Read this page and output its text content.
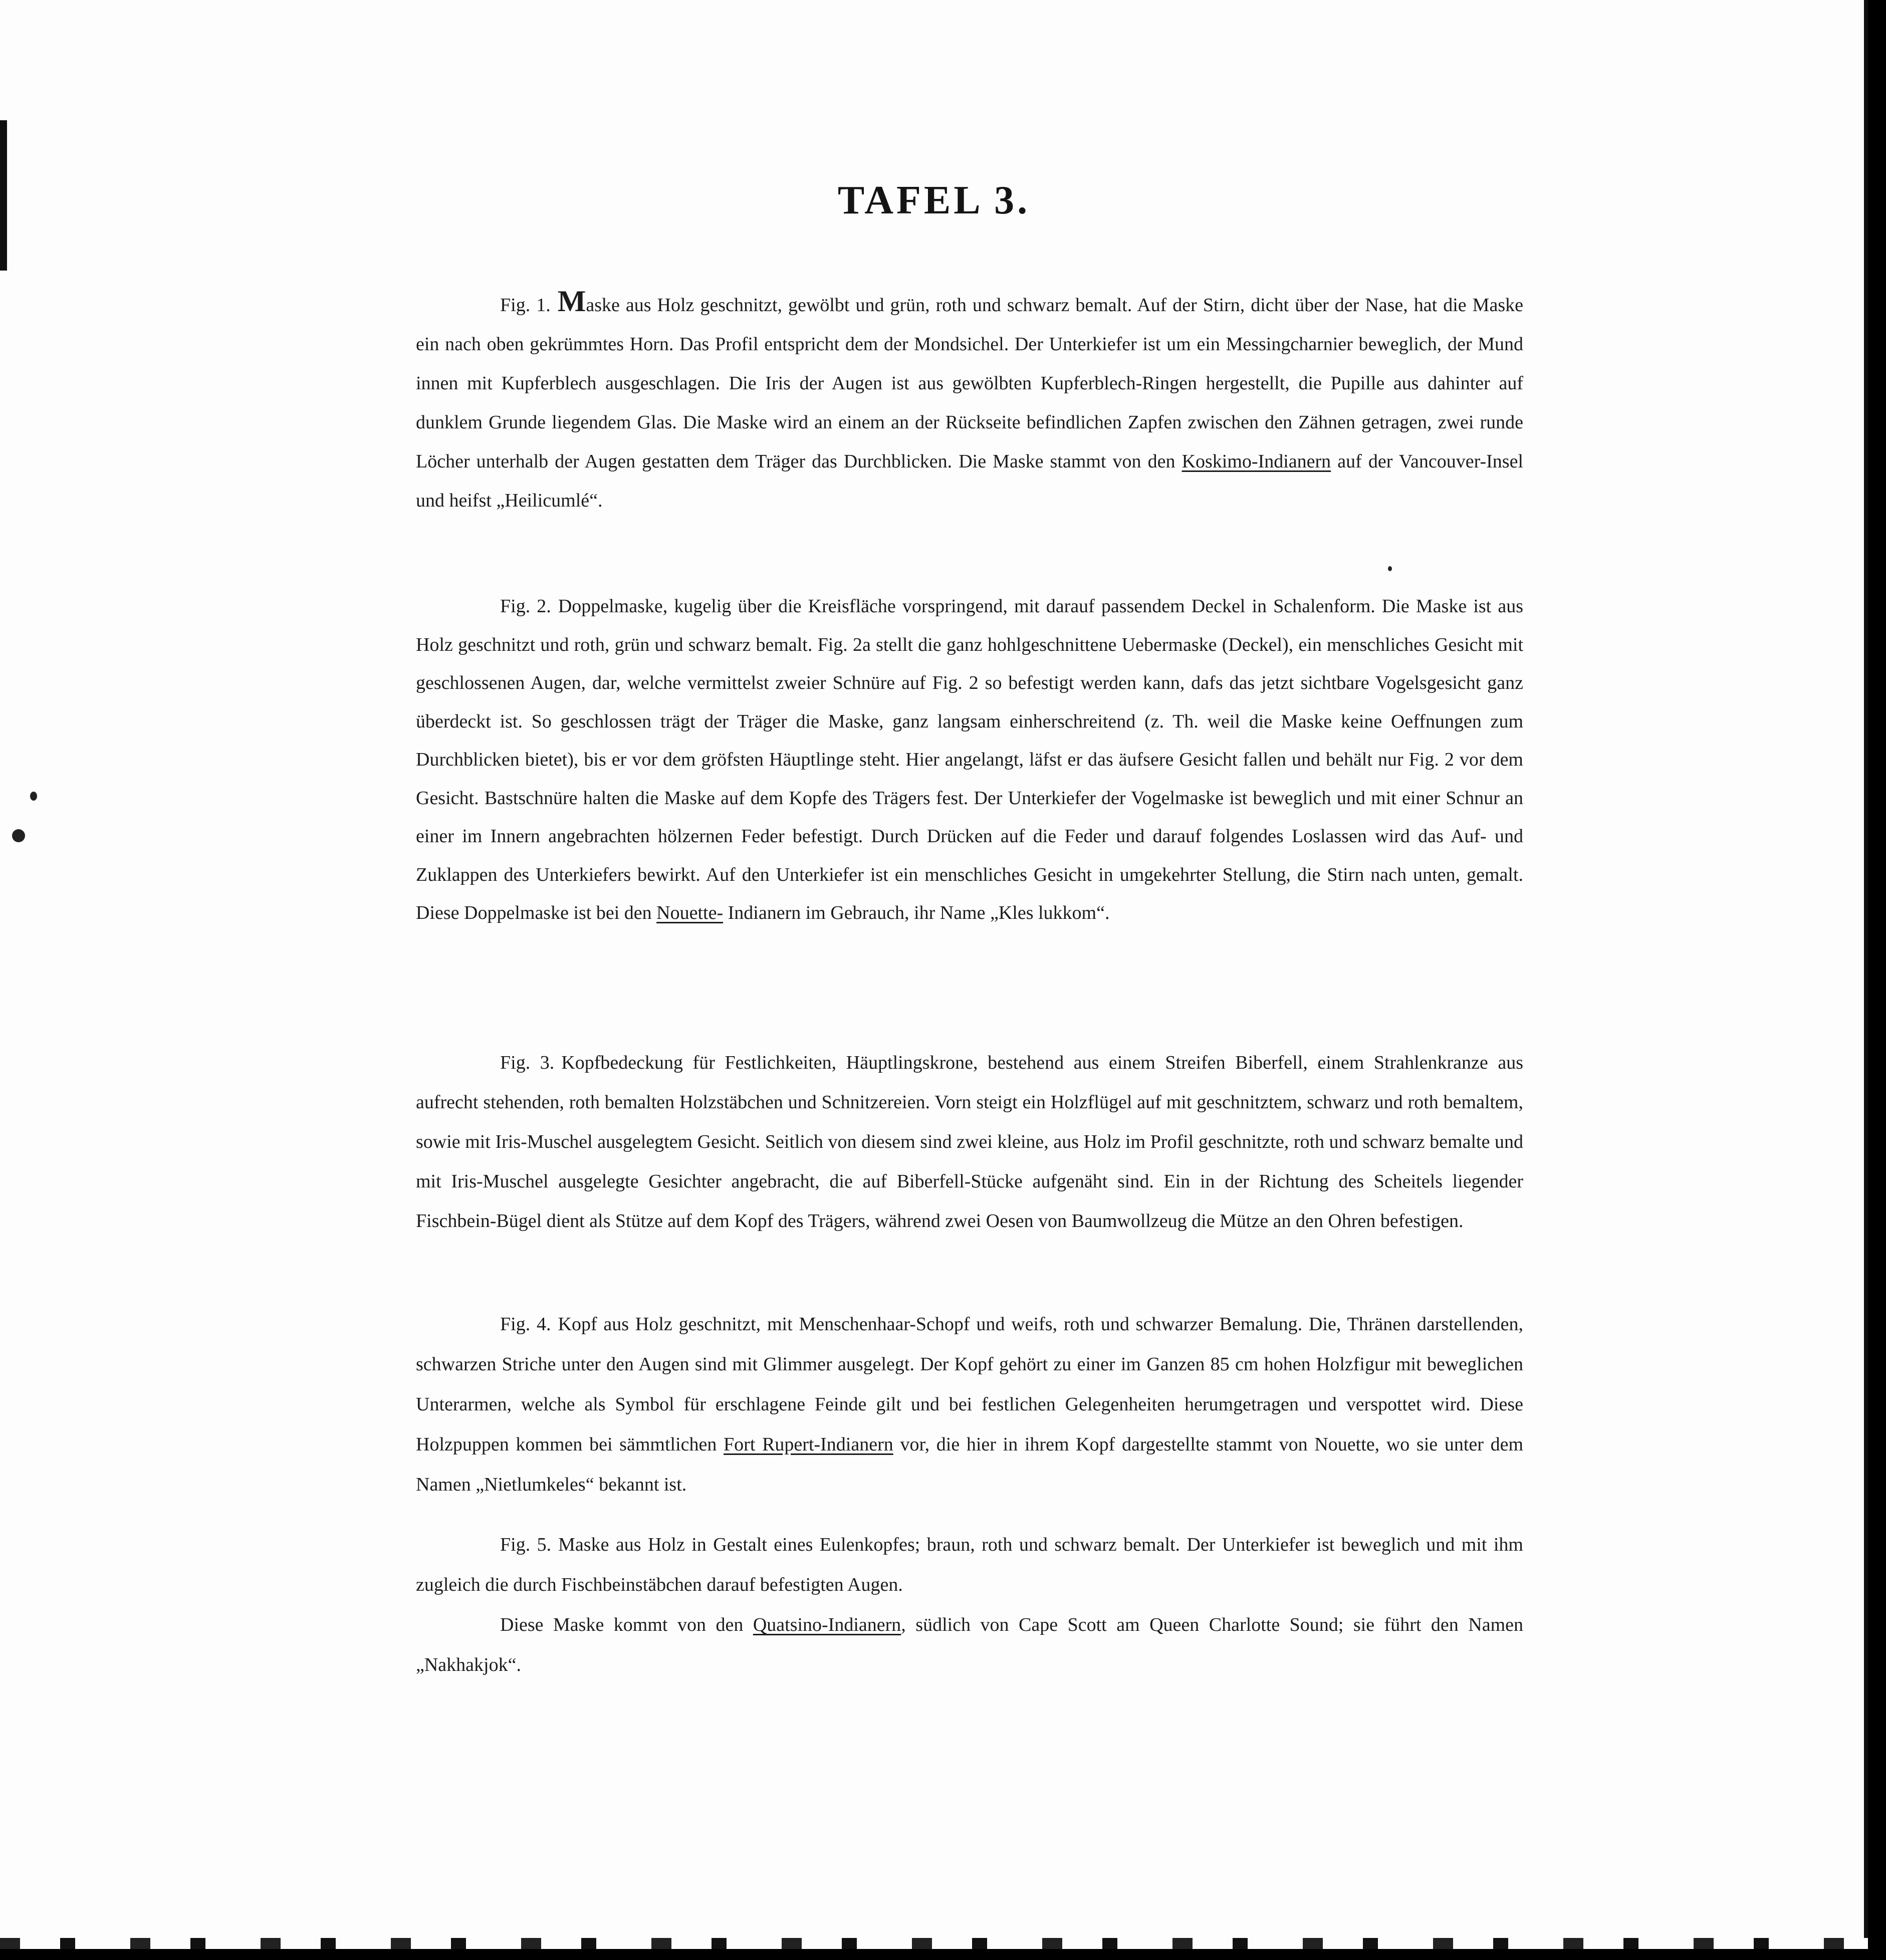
TAFEL 3.

Fig. 1. Maske aus Holz geschnitzt, gewölbt und grün, roth und schwarz bemalt. Auf der Stirn, dicht über der Nase, hat die Maske ein nach oben gekrümmtes Horn. Das Profil entspricht dem der Mondsichel. Der Unterkiefer ist um ein Messingcharnier beweglich, der Mund innen mit Kupferblech ausgeschlagen. Die Iris der Augen ist aus gewölbten Kupferblech-Ringen hergestellt, die Pupille aus dahinter auf dunklem Grunde liegendem Glas. Die Maske wird an einem an der Rückseite befindlichen Zapfen zwischen den Zähnen getragen, zwei runde Löcher unterhalb der Augen gestatten dem Träger das Durchblicken. Die Maske stammt von den Koskimo-Indianern auf der Vancouver-Insel und heifst „Heilicumlé“.

Fig. 2. Doppelmaske, kugelig über die Kreisfläche vorspringend, mit darauf passendem Deckel in Schalenform. Die Maske ist aus Holz geschnitzt und roth, grün und schwarz bemalt. Fig. 2a stellt die ganz hohlgeschnittene Uebermaske (Deckel), ein menschliches Gesicht mit geschlossenen Augen, dar, welche vermittelst zweier Schnüre auf Fig. 2 so befestigt werden kann, dafs das jetzt sichtbare Vogelsgesicht ganz überdeckt ist. So geschlossen trägt der Träger die Maske, ganz langsam einherschreitend (z. Th. weil die Maske keine Oeffnungen zum Durchblicken bietet), bis er vor dem gröfsten Häuptlinge steht. Hier angelangt, läfst er das äufsere Gesicht fallen und behält nur Fig. 2 vor dem Gesicht. Bastschnüre halten die Maske auf dem Kopfe des Trägers fest. Der Unterkiefer der Vogelmaske ist beweglich und mit einer Schnur an einer im Innern angebrachten hölzernen Feder befestigt. Durch Drücken auf die Feder und darauf folgendes Loslassen wird das Auf- und Zuklappen des Unterkiefers bewirkt. Auf den Unterkiefer ist ein menschliches Gesicht in umgekehrter Stellung, die Stirn nach unten, gemalt. Diese Doppelmaske ist bei den Nouette- Indianern im Gebrauch, ihr Name „Kles lukkom“.

Fig. 3. Kopfbedeckung für Festlichkeiten, Häuptlingskrone, bestehend aus einem Streifen Biberfell, einem Strahlenkranze aus aufrecht stehenden, roth bemalten Holzstäbchen und Schnitzereien. Vorn steigt ein Holzflügel auf mit geschnitztem, schwarz und roth bemaltem, sowie mit Iris-Muschel ausgelegtem Gesicht. Seitlich von diesem sind zwei kleine, aus Holz im Profil geschnitzte, roth und schwarz bemalte und mit Iris-Muschel ausgelegte Gesichter angebracht, die auf Biberfell-Stücke aufgenäht sind. Ein in der Richtung des Scheitels liegender Fischbein-Bügel dient als Stütze auf dem Kopf des Trägers, während zwei Oesen von Baumwollzeug die Mütze an den Ohren befestigen.

Fig. 4. Kopf aus Holz geschnitzt, mit Menschenhaar-Schopf und weifs, roth und schwarzer Bemalung. Die, Thränen darstellenden, schwarzen Striche unter den Augen sind mit Glimmer ausgelegt. Der Kopf gehört zu einer im Ganzen 85 cm hohen Holzfigur mit beweglichen Unterarmen, welche als Symbol für erschlagene Feinde gilt und bei festlichen Gelegenheiten herumgetragen und verspottet wird. Diese Holzpuppen kommen bei sämmtlichen Fort Rupert-Indianern vor, die hier in ihrem Kopf dargestellte stammt von Nouette, wo sie unter dem Namen „Nietlumkeles“ bekannt ist.

Fig. 5. Maske aus Holz in Gestalt eines Eulenkopfes; braun, roth und schwarz bemalt. Der Unterkiefer ist beweglich und mit ihm zugleich die durch Fischbeinstäbchen darauf befestigten Augen.

Diese Maske kommt von den Quatsino-Indianern, südlich von Cape Scott am Queen Charlotte Sound; sie führt den Namen „Nakhakjok“.
